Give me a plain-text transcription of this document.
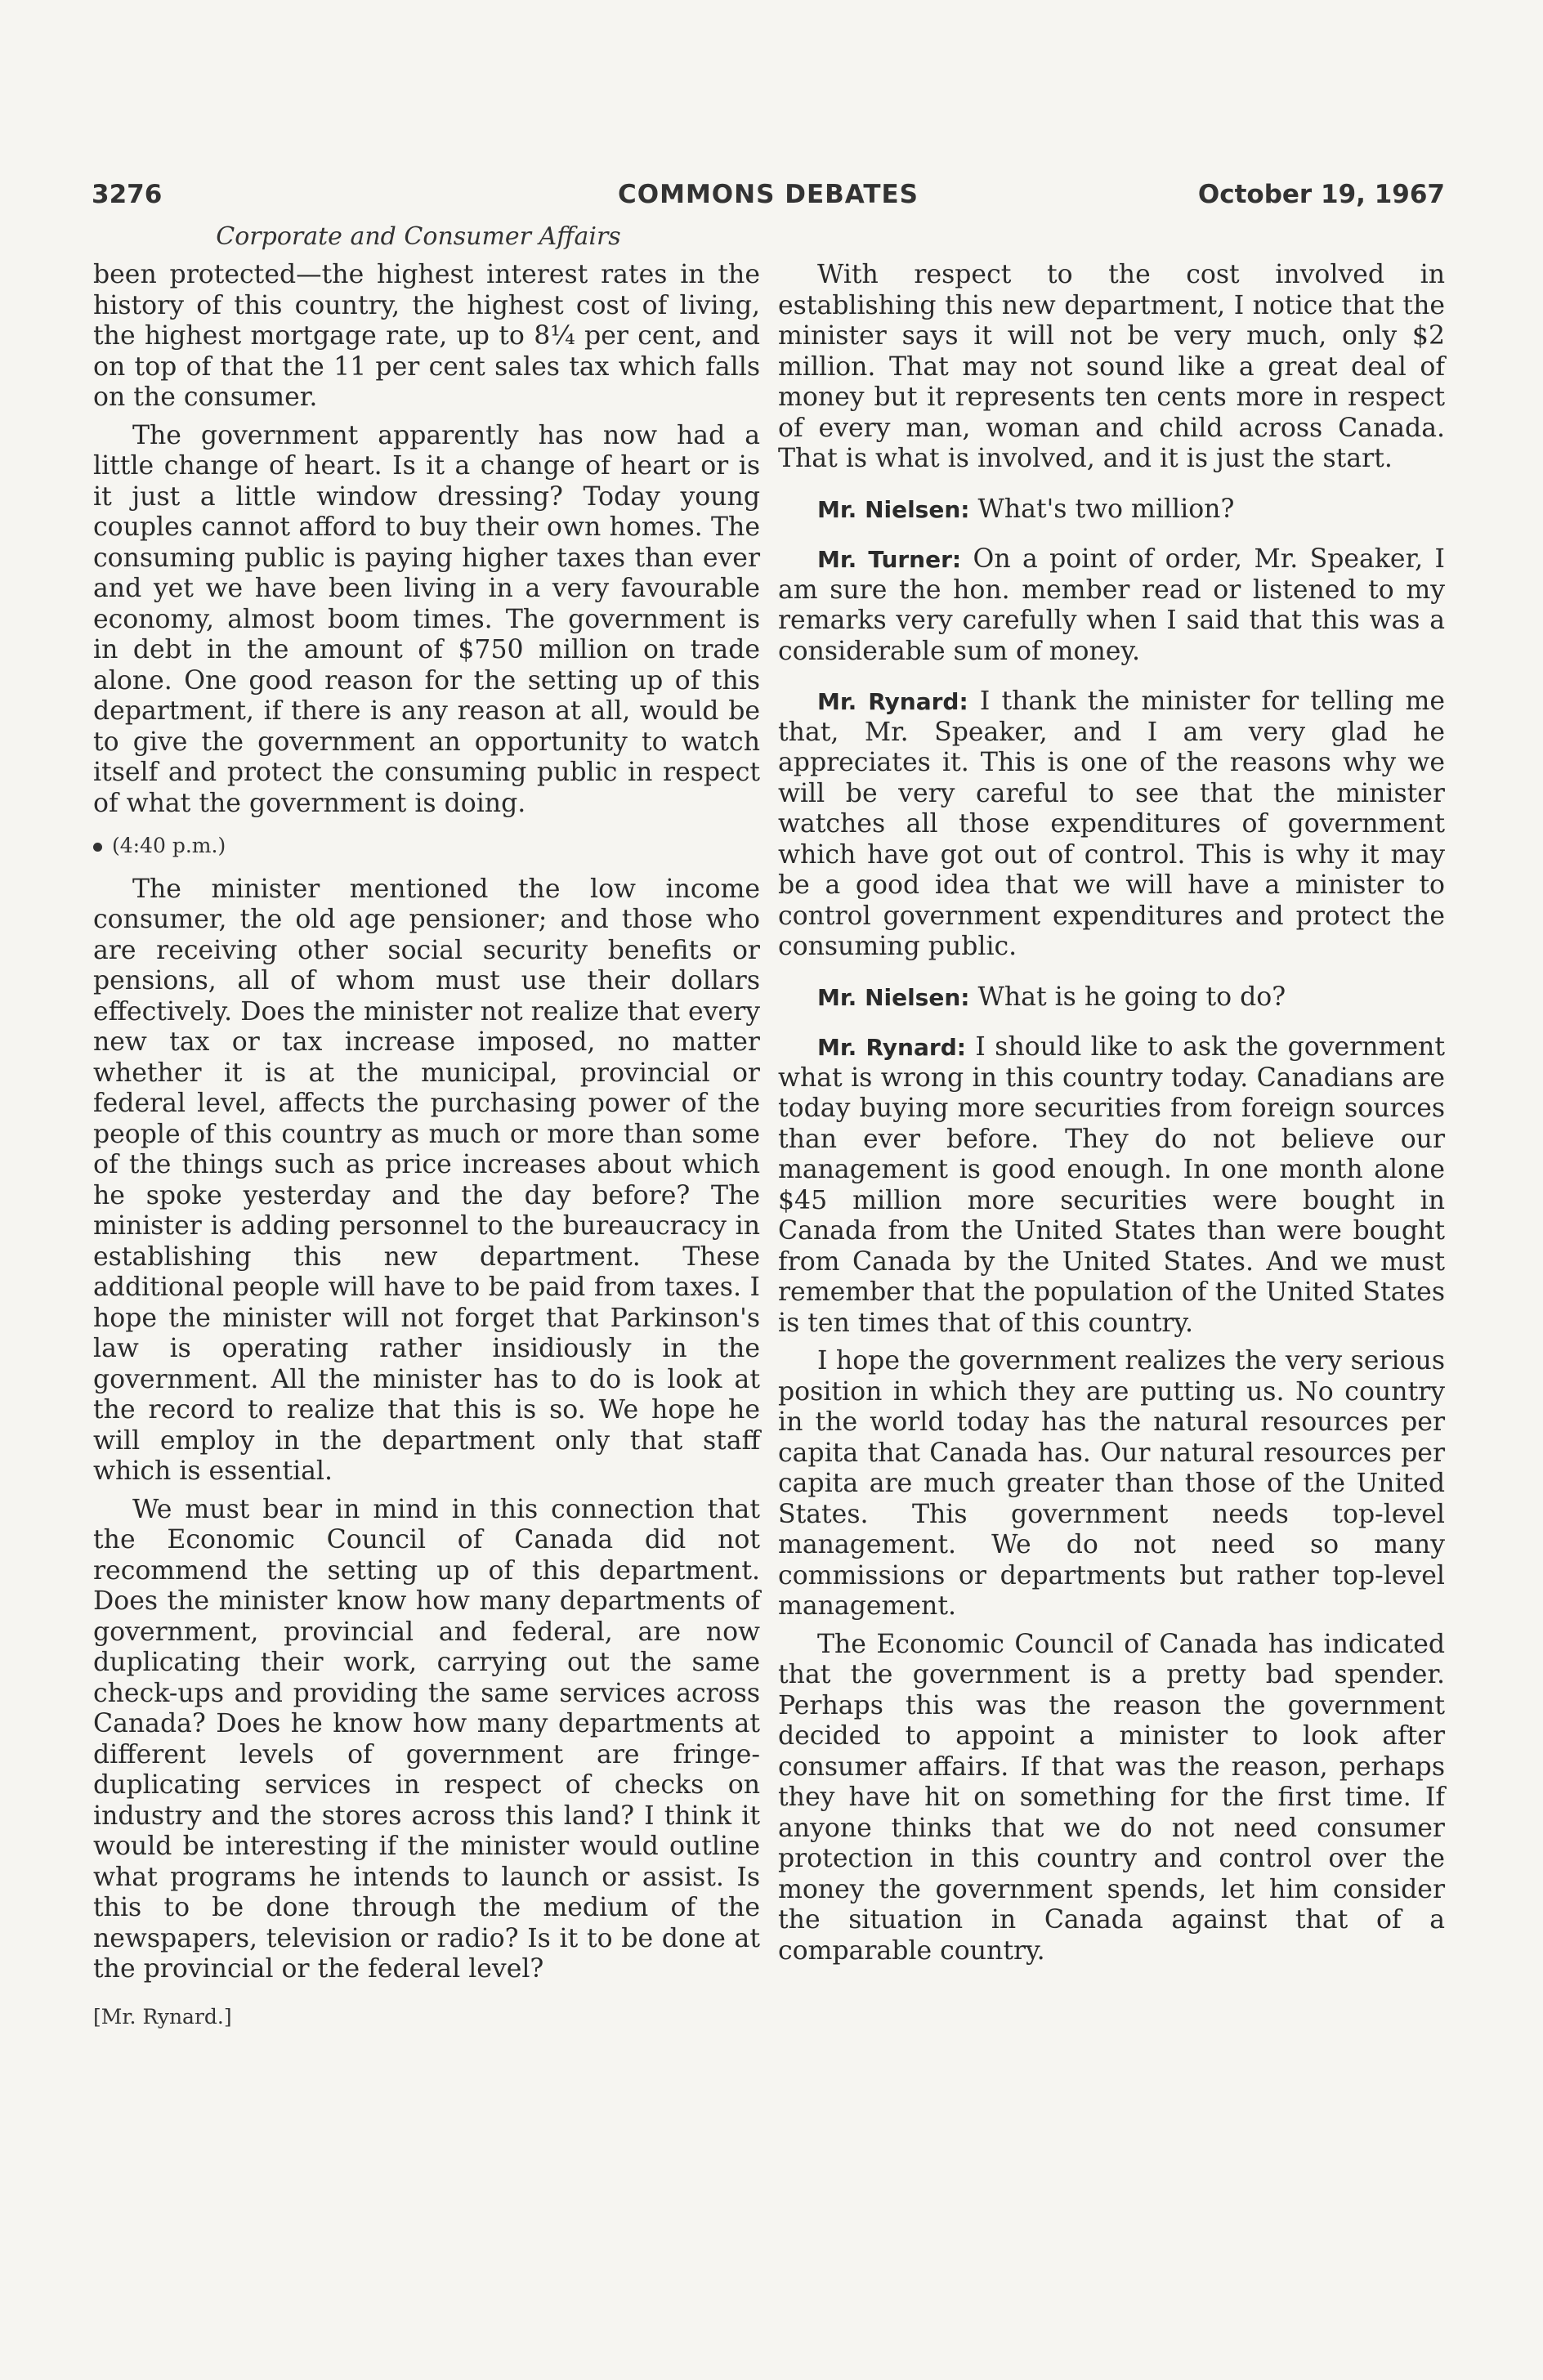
3276	COMMONS DEBATES	October 19, 1967
Corporate and Consumer Affairs

been protected—the highest interest rates in the history of this country, the highest cost of living, the highest mortgage rate, up to 8¼ per cent, and on top of that the 11 per cent sales tax which falls on the consumer.

The government apparently has now had a little change of heart. Is it a change of heart or is it just a little window dressing? Today young couples cannot afford to buy their own homes. The consuming public is paying higher taxes than ever and yet we have been living in a very favourable economy, almost boom times. The government is in debt in the amount of $750 million on trade alone. One good reason for the setting up of this department, if there is any reason at all, would be to give the government an opportunity to watch itself and protect the consuming public in respect of what the government is doing.

(4:40 p.m.)

The minister mentioned the low income consumer, the old age pensioner; and those who are receiving other social security benefits or pensions, all of whom must use their dollars effectively. Does the minister not realize that every new tax or tax increase imposed, no matter whether it is at the municipal, provincial or federal level, affects the purchasing power of the people of this country as much or more than some of the things such as price increases about which he spoke yesterday and the day before? The minister is adding personnel to the bureaucracy in establishing this new department. These additional people will have to be paid from taxes. I hope the minister will not forget that Parkinson's law is operating rather insidiously in the government. All the minister has to do is look at the record to realize that this is so. We hope he will employ in the department only that staff which is essential.

We must bear in mind in this connection that the Economic Council of Canada did not recommend the setting up of this department. Does the minister know how many departments of government, provincial and federal, are now duplicating their work, carrying out the same check-ups and providing the same services across Canada? Does he know how many departments at different levels of government are fringe-duplicating services in respect of checks on industry and the stores across this land? I think it would be interesting if the minister would outline what programs he intends to launch or assist. Is this to be done through the medium of the newspapers, television or radio? Is it to be done at the provincial or the federal level?

[Mr. Rynard.]

With respect to the cost involved in establishing this new department, I notice that the minister says it will not be very much, only $2 million. That may not sound like a great deal of money but it represents ten cents more in respect of every man, woman and child across Canada. That is what is involved, and it is just the start.

Mr. Nielsen: What's two million?

Mr. Turner: On a point of order, Mr. Speaker, I am sure the hon. member read or listened to my remarks very carefully when I said that this was a considerable sum of money.

Mr. Rynard: I thank the minister for telling me that, Mr. Speaker, and I am very glad he appreciates it. This is one of the reasons why we will be very careful to see that the minister watches all those expenditures of government which have got out of control. This is why it may be a good idea that we will have a minister to control government expenditures and protect the consuming public.

Mr. Nielsen: What is he going to do?

Mr. Rynard: I should like to ask the government what is wrong in this country today. Canadians are today buying more securities from foreign sources than ever before. They do not believe our management is good enough. In one month alone $45 million more securities were bought in Canada from the United States than were bought from Canada by the United States. And we must remember that the population of the United States is ten times that of this country.

I hope the government realizes the very serious position in which they are putting us. No country in the world today has the natural resources per capita that Canada has. Our natural resources per capita are much greater than those of the United States. This government needs top-level management. We do not need so many commissions or departments but rather top-level management.

The Economic Council of Canada has indicated that the government is a pretty bad spender. Perhaps this was the reason the government decided to appoint a minister to look after consumer affairs. If that was the reason, perhaps they have hit on something for the first time. If anyone thinks that we do not need consumer protection in this country and control over the money the government spends, let him consider the situation in Canada against that of a comparable country.
